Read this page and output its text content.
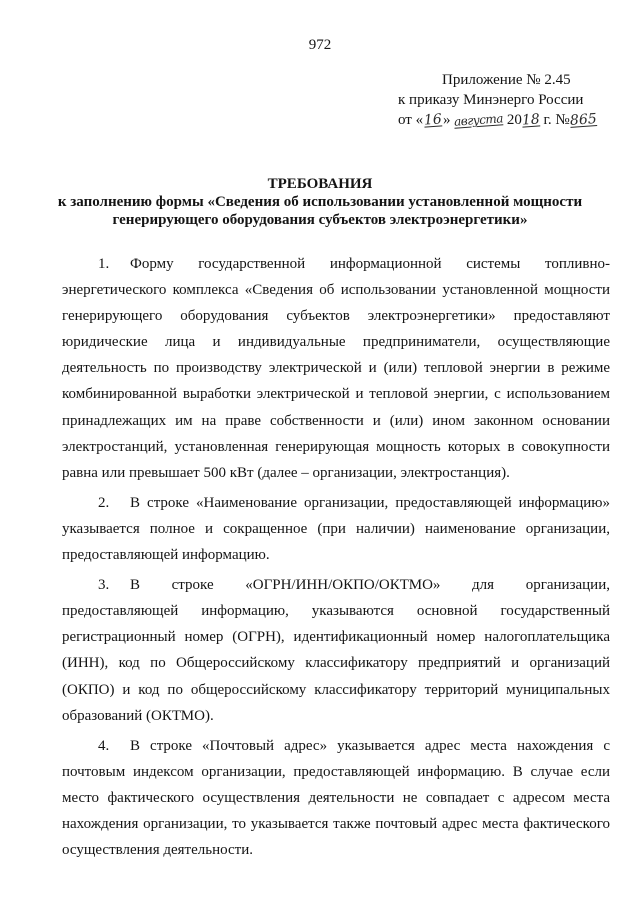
972
Приложение № 2.45
к приказу Минэнерго России
от «16» августа 2018 г. №865
ТРЕБОВАНИЯ
к заполнению формы «Сведения об использовании установленной мощности
генерирующего оборудования субъектов электроэнергетики»

1. Форму государственной информационной системы топливно-энергетического комплекса «Сведения об использовании установленной мощности генерирующего оборудования субъектов электроэнергетики» предоставляют юридические лица и индивидуальные предприниматели, осуществляющие деятельность по производству электрической и (или) тепловой энергии в режиме комбинированной выработки электрической и тепловой энергии, с использованием принадлежащих им на праве собственности и (или) ином законном основании электростанций, установленная генерирующая мощность которых в совокупности равна или превышает 500 кВт (далее – организации, электростанция).

2. В строке «Наименование организации, предоставляющей информацию» указывается полное и сокращенное (при наличии) наименование организации, предоставляющей информацию.

3. В строке «ОГРН/ИНН/ОКПО/ОКТМО» для организации, предоставляющей информацию, указываются основной государственный регистрационный номер (ОГРН), идентификационный номер налогоплательщика (ИНН), код по Общероссийскому классификатору предприятий и организаций (ОКПО) и код по общероссийскому классификатору территорий муниципальных образований (ОКТМО).

4. В строке «Почтовый адрес» указывается адрес места нахождения с почтовым индексом организации, предоставляющей информацию. В случае если место фактического осуществления деятельности не совпадает с адресом места нахождения организации, то указывается также почтовый адрес места фактического осуществления деятельности.
